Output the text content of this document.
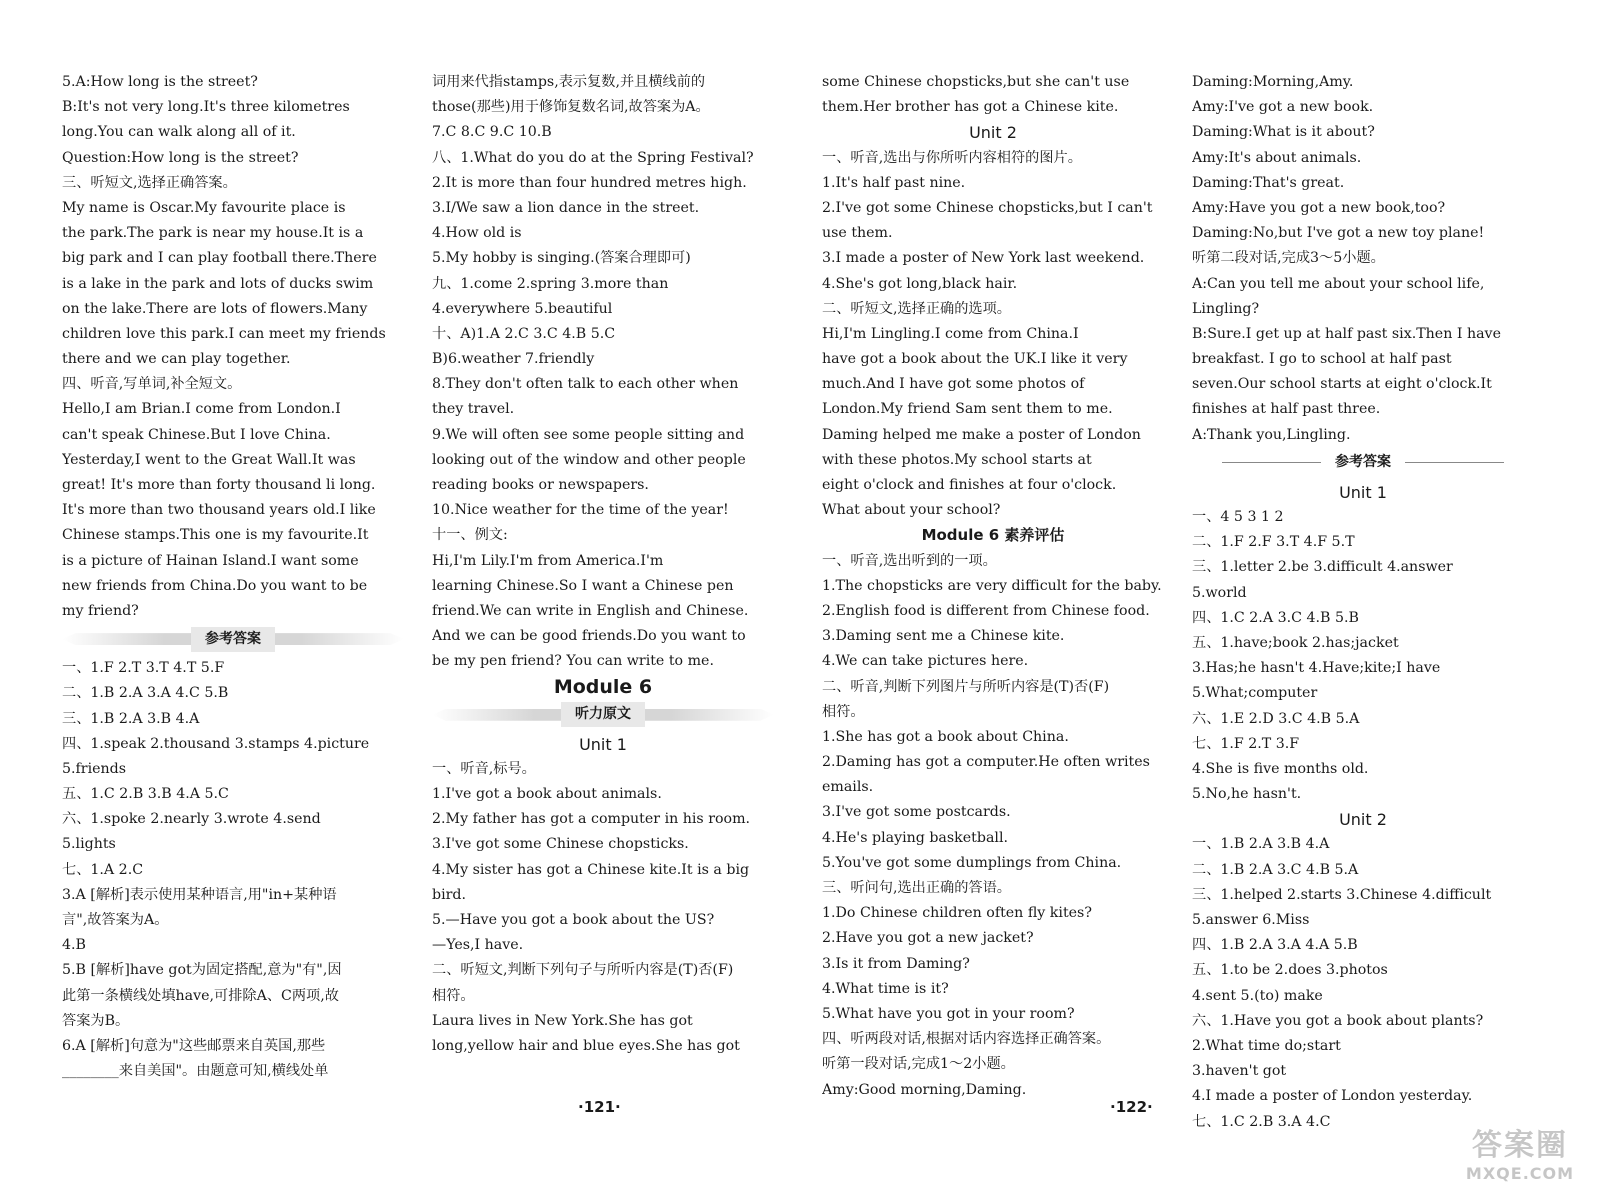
5.A:How long is the street?
B:It's not very long.It's three kilometres
long.You can walk along all of it.
Question:How long is the street?
三、听短文,选择正确答案。
My name is Oscar.My favourite place is
the park.The park is near my house.It is a
big park and I can play football there.There
is a lake in the park and lots of ducks swim
on the lake.There are lots of flowers.Many
children love this park.I can meet my friends
there and we can play together.
四、听音,写单词,补全短文。
Hello,I am Brian.I come from London.I
can't speak Chinese.But I love China.
Yesterday,I went to the Great Wall.It was
great! It's more than forty thousand li long.
It's more than two thousand years old.I like
Chinese stamps.This one is my favourite.It
is a picture of Hainan Island.I want some
new friends from China.Do you want to be
my friend?
参考答案
一、1.F 2.T 3.T 4.T 5.F
二、1.B 2.A 3.A 4.C 5.B
三、1.B 2.A 3.B 4.A
四、1.speak 2.thousand 3.stamps 4.picture
5.friends
五、1.C 2.B 3.B 4.A 5.C
六、1.spoke 2.nearly 3.wrote 4.send
5.lights
七、1.A 2.C
3.A [解析]表示使用某种语言,用"in+某种语
言",故答案为A。
4.B
5.B [解析]have got为固定搭配,意为"有",因
此第一条横线处填have,可排除A、C两项,故
答案为B。
6.A [解析]句意为"这些邮票来自英国,那些
________来自美国"。由题意可知,横线处单
词用来代指stamps,表示复数,并且横线前的
those(那些)用于修饰复数名词,故答案为A。
7.C 8.C 9.C 10.B
八、1.What do you do at the Spring Festival?
2.It is more than four hundred metres high.
3.I/We saw a lion dance in the street.
4.How old is
5.My hobby is singing.(答案合理即可)
九、1.come 2.spring 3.more than
4.everywhere 5.beautiful
十、A)1.A 2.C 3.C 4.B 5.C
B)6.weather 7.friendly
8.They don't often talk to each other when
they travel.
9.We will often see some people sitting and
looking out of the window and other people
reading books or newspapers.
10.Nice weather for the time of the year!
十一、例文:
Hi,I'm Lily.I'm from America.I'm
learning Chinese.So I want a Chinese pen
friend.We can write in English and Chinese.
And we can be good friends.Do you want to
be my pen friend? You can write to me.
Module 6
听力原文
Unit 1
一、听音,标号。
1.I've got a book about animals.
2.My father has got a computer in his room.
3.I've got some Chinese chopsticks.
4.My sister has got a Chinese kite.It is a big
bird.
5.—Have you got a book about the US?
—Yes,I have.
二、听短文,判断下列句子与所听内容是(T)否(F)
相符。
Laura lives in New York.She has got
long,yellow hair and blue eyes.She has got
some Chinese chopsticks,but she can't use
them.Her brother has got a Chinese kite.
Unit 2
一、听音,选出与你所听内容相符的图片。
1.It's half past nine.
2.I've got some Chinese chopsticks,but I can't
use them.
3.I made a poster of New York last weekend.
4.She's got long,black hair.
二、听短文,选择正确的选项。
Hi,I'm Lingling.I come from China.I
have got a book about the UK.I like it very
much.And I have got some photos of
London.My friend Sam sent them to me.
Daming helped me make a poster of London
with these photos.My school starts at
eight o'clock and finishes at four o'clock.
What about your school?
Module 6 素养评估
一、听音,选出听到的一项。
1.The chopsticks are very difficult for the baby.
2.English food is different from Chinese food.
3.Daming sent me a Chinese kite.
4.We can take pictures here.
二、听音,判断下列图片与所听内容是(T)否(F)
相符。
1.She has got a book about China.
2.Daming has got a computer.He often writes
emails.
3.I've got some postcards.
4.He's playing basketball.
5.You've got some dumplings from China.
三、听问句,选出正确的答语。
1.Do Chinese children often fly kites?
2.Have you got a new jacket?
3.Is it from Daming?
4.What time is it?
5.What have you got in your room?
四、听两段对话,根据对话内容选择正确答案。
听第一段对话,完成1～2小题。
Amy:Good morning,Daming.
Daming:Morning,Amy.
Amy:I've got a new book.
Daming:What is it about?
Amy:It's about animals.
Daming:That's great.
Amy:Have you got a new book,too?
Daming:No,but I've got a new toy plane!
听第二段对话,完成3～5小题。
A:Can you tell me about your school life,
Lingling?
B:Sure.I get up at half past six.Then I have
breakfast. I go to school at half past
seven.Our school starts at eight o'clock.It
finishes at half past three.
A:Thank you,Lingling.
参考答案
Unit 1
一、4 5 3 1 2
二、1.F 2.F 3.T 4.F 5.T
三、1.letter 2.be 3.difficult 4.answer
5.world
四、1.C 2.A 3.C 4.B 5.B
五、1.have;book 2.has;jacket
3.Has;he hasn't 4.Have;kite;I have
5.What;computer
六、1.E 2.D 3.C 4.B 5.A
七、1.F 2.T 3.F
4.She is five months old.
5.No,he hasn't.
Unit 2
一、1.B 2.A 3.B 4.A
二、1.B 2.A 3.C 4.B 5.A
三、1.helped 2.starts 3.Chinese 4.difficult
5.answer 6.Miss
四、1.B 2.A 3.A 4.A 5.B
五、1.to be 2.does 3.photos
4.sent 5.(to) make
六、1.Have you got a book about plants?
2.What time do;start
3.haven't got
4.I made a poster of London yesterday.
七、1.C 2.B 3.A 4.C
·121·	·122·
答案圈
MXQE.COM
